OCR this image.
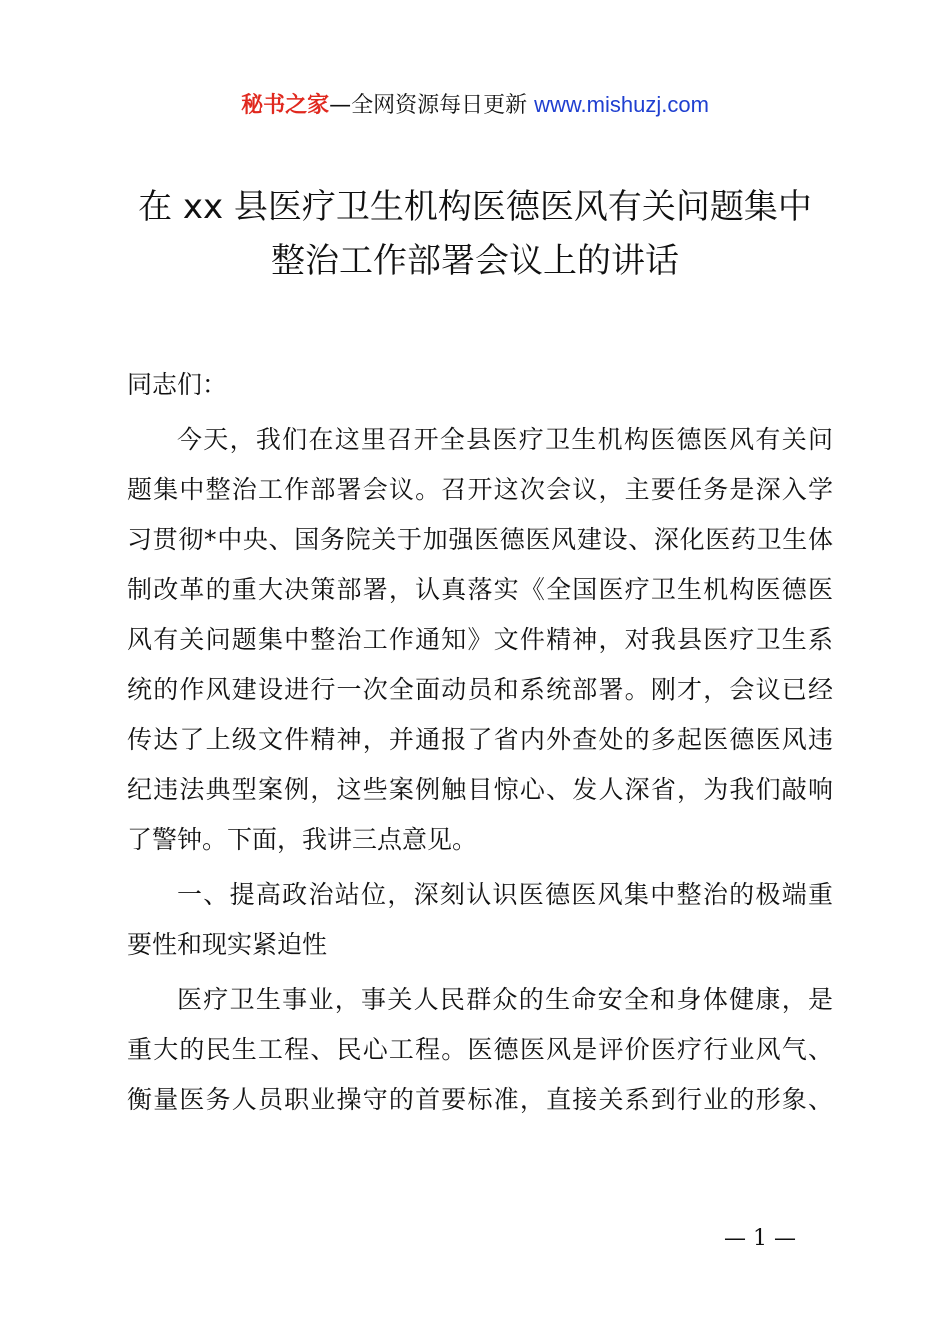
秘书之家—全网资源每日更新 www.mishuzj.com
在 xx 县医疗卫生机构医德医风有关问题集中
整治工作部署会议上的讲话

同志们：

今天，我们在这里召开全县医疗卫生机构医德医风有关问
题集中整治工作部署会议。召开这次会议，主要任务是深入学
习贯彻*中央、国务院关于加强医德医风建设、深化医药卫生体
制改革的重大决策部署，认真落实《全国医疗卫生机构医德医
风有关问题集中整治工作通知》文件精神，对我县医疗卫生系
统的作风建设进行一次全面动员和系统部署。刚才，会议已经
传达了上级文件精神，并通报了省内外查处的多起医德医风违
纪违法典型案例，这些案例触目惊心、发人深省，为我们敲响
了警钟。下面，我讲三点意见。
一、提高政治站位，深刻认识医德医风集中整治的极端重
要性和现实紧迫性
医疗卫生事业，事关人民群众的生命安全和身体健康，是
重大的民生工程、民心工程。医德医风是评价医疗行业风气、
衡量医务人员职业操守的首要标准，直接关系到行业的形象、
— 1 —
